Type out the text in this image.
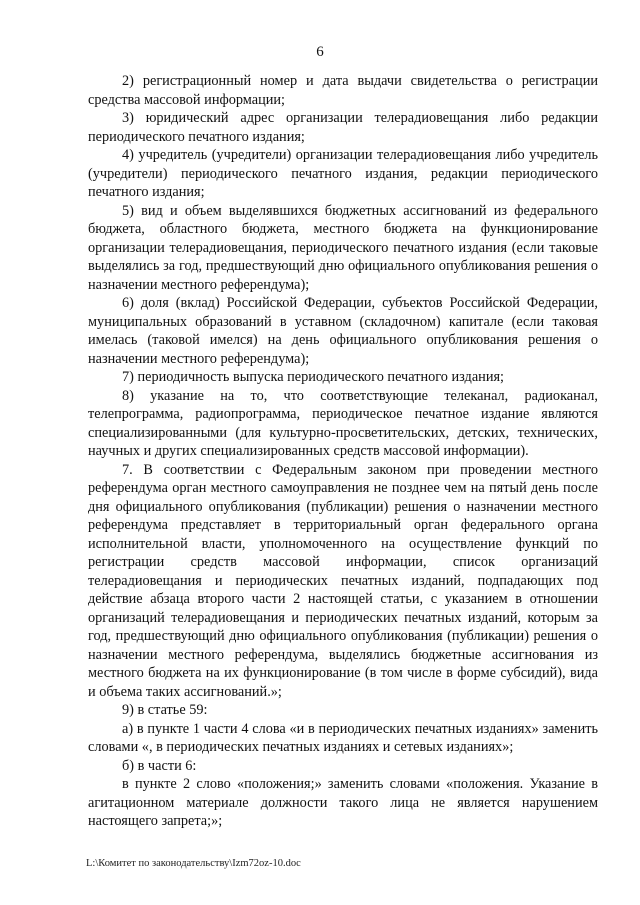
6

2) регистрационный номер и дата выдачи свидетельства о регистрации средства массовой информации;

3) юридический адрес организации телерадиовещания либо редакции периодического печатного издания;

4) учредитель (учредители) организации телерадиовещания либо учредитель (учредители) периодического печатного издания, редакции периодического печатного издания;

5) вид и объем выделявшихся бюджетных ассигнований из федерального бюджета, областного бюджета, местного бюджета на функционирование организации телерадиовещания, периодического печатного издания (если таковые выделялись за год, предшествующий дню официального опубликования решения о назначении местного референдума);

6) доля (вклад) Российской Федерации, субъектов Российской Федерации, муниципальных образований в уставном (складочном) капитале (если таковая имелась (таковой имелся) на день официального опубликования решения о назначении местного референдума);

7) периодичность выпуска периодического печатного издания;

8) указание на то, что соответствующие телеканал, радиоканал, телепрограмма, радиопрограмма, периодическое печатное издание являются специализированными (для культурно-просветительских, детских, технических, научных и других специализированных средств массовой информации).

7. В соответствии с Федеральным законом при проведении местного референдума орган местного самоуправления не позднее чем на пятый день после дня официального опубликования (публикации) решения о назначении местного референдума представляет в территориальный орган федерального органа исполнительной власти, уполномоченного на осуществление функций по регистрации средств массовой информации, список организаций телерадиовещания и периодических печатных изданий, подпадающих под действие абзаца второго части 2 настоящей статьи, с указанием в отношении организаций телерадиовещания и периодических печатных изданий, которым за год, предшествующий дню официального опубликования (публикации) решения о назначении местного референдума, выделялись бюджетные ассигнования из местного бюджета на их функционирование (в том числе в форме субсидий), вида и объема таких ассигнований.»;

9) в статье 59:

а) в пункте 1 части 4 слова «и в периодических печатных изданиях» заменить словами «, в периодических печатных изданиях и сетевых изданиях»;

б) в части 6:

в пункте 2 слово «положения;» заменить словами «положения. Указание в агитационном материале должности такого лица не является нарушением настоящего запрета;»;

L:\Комитет по законодательству\Izm72oz-10.doc
